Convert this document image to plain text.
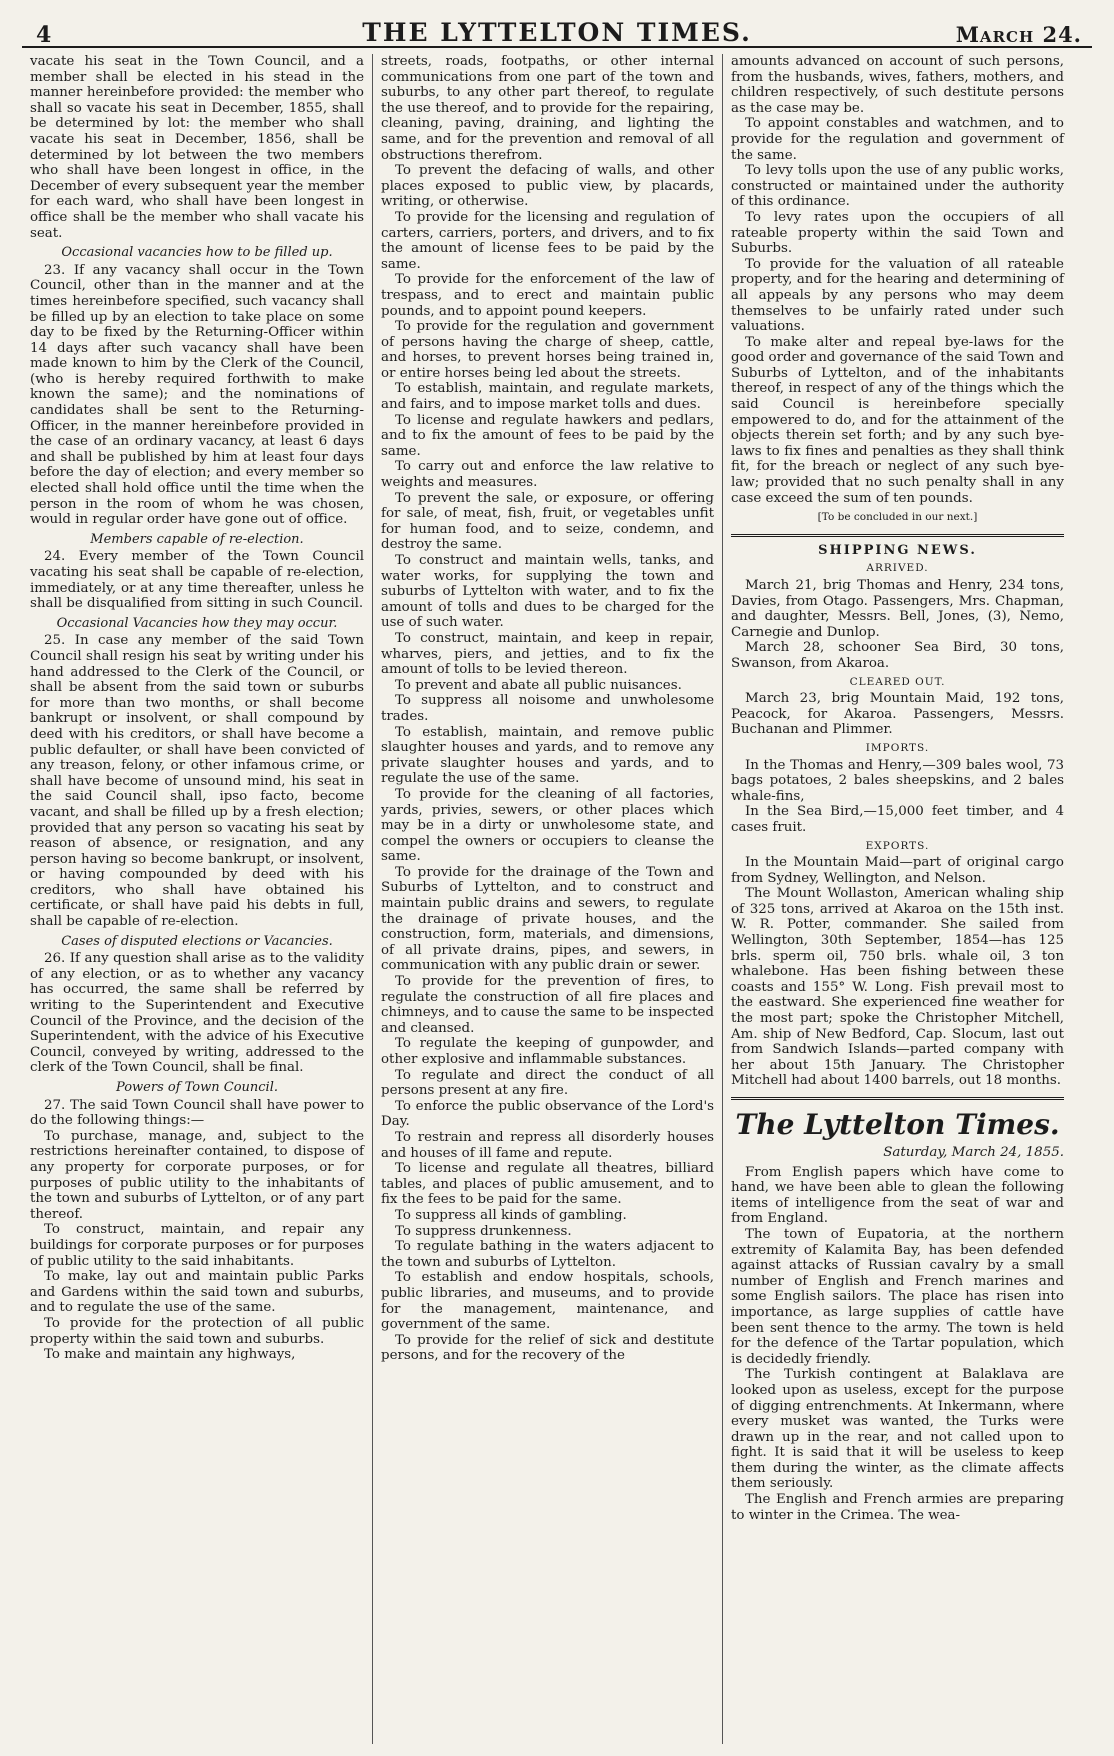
4	THE LYTTELTON TIMES.	March 24.

vacate his seat in the Town Council, and a member shall be elected in his stead in the manner hereinbefore provided: the member who shall so vacate his seat in December, 1855, shall be determined by lot: the member who shall vacate his seat in December, 1856, shall be determined by lot between the two members who shall have been longest in office, in the December of every subsequent year the member for each ward, who shall have been longest in office shall be the member who shall vacate his seat.

Occasional vacancies how to be filled up.

23. If any vacancy shall occur in the Town Council, other than in the manner and at the times hereinbefore specified, such vacancy shall be filled up by an election to take place on some day to be fixed by the Returning-Officer within 14 days after such vacancy shall have been made known to him by the Clerk of the Council, (who is hereby required forthwith to make known the same); and the nominations of candidates shall be sent to the Returning-Officer, in the manner hereinbefore provided in the case of an ordinary vacancy, at least 6 days and shall be published by him at least four days before the day of election; and every member so elected shall hold office until the time when the person in the room of whom he was chosen, would in regular order have gone out of office.

Members capable of re-election.

24. Every member of the Town Council vacating his seat shall be capable of re-election, immediately, or at any time thereafter, unless he shall be disqualified from sitting in such Council.

Occasional Vacancies how they may occur.

25. In case any member of the said Town Council shall resign his seat by writing under his hand addressed to the Clerk of the Council, or shall be absent from the said town or suburbs for more than two months, or shall become bankrupt or insolvent, or shall compound by deed with his creditors, or shall have become a public defaulter, or shall have been convicted of any treason, felony, or other infamous crime, or shall have become of unsound mind, his seat in the said Council shall, ipso facto, become vacant, and shall be filled up by a fresh election; provided that any person so vacating his seat by reason of absence, or resignation, and any person having so become bankrupt, or insolvent, or having compounded by deed with his creditors, who shall have obtained his certificate, or shall have paid his debts in full, shall be capable of re-election.

Cases of disputed elections or Vacancies.

26. If any question shall arise as to the validity of any election, or as to whether any vacancy has occurred, the same shall be referred by writing to the Superintendent and Executive Council of the Province, and the decision of the Superintendent, with the advice of his Executive Council, conveyed by writing, addressed to the clerk of the Town Council, shall be final.

Powers of Town Council.

27. The said Town Council shall have power to do the following things:—

To purchase, manage, and, subject to the restrictions hereinafter contained, to dispose of any property for corporate purposes, or for purposes of public utility to the inhabitants of the town and suburbs of Lyttelton, or of any part thereof.

To construct, maintain, and repair any buildings for corporate purposes or for purposes of public utility to the said inhabitants.

To make, lay out and maintain public Parks and Gardens within the said town and suburbs, and to regulate the use of the same.

To provide for the protection of all public property within the said town and suburbs.

To make and maintain any highways,

streets, roads, footpaths, or other internal communications from one part of the town and suburbs, to any other part thereof, to regulate the use thereof, and to provide for the repairing, cleaning, paving, draining, and lighting the same, and for the prevention and removal of all obstructions therefrom.

To prevent the defacing of walls, and other places exposed to public view, by placards, writing, or otherwise.

To provide for the licensing and regulation of carters, carriers, porters, and drivers, and to fix the amount of license fees to be paid by the same.

To provide for the enforcement of the law of trespass, and to erect and maintain public pounds, and to appoint pound keepers.

To provide for the regulation and government of persons having the charge of sheep, cattle, and horses, to prevent horses being trained in, or entire horses being led about the streets.

To establish, maintain, and regulate markets, and fairs, and to impose market tolls and dues.

To license and regulate hawkers and pedlars, and to fix the amount of fees to be paid by the same.

To carry out and enforce the law relative to weights and measures.

To prevent the sale, or exposure, or offering for sale, of meat, fish, fruit, or vegetables unfit for human food, and to seize, condemn, and destroy the same.

To construct and maintain wells, tanks, and water works, for supplying the town and suburbs of Lyttelton with water, and to fix the amount of tolls and dues to be charged for the use of such water.

To construct, maintain, and keep in repair, wharves, piers, and jetties, and to fix the amount of tolls to be levied thereon.

To prevent and abate all public nuisances.

To suppress all noisome and unwholesome trades.

To establish, maintain, and remove public slaughter houses and yards, and to remove any private slaughter houses and yards, and to regulate the use of the same.

To provide for the cleaning of all factories, yards, privies, sewers, or other places which may be in a dirty or unwholesome state, and compel the owners or occupiers to cleanse the same.

To provide for the drainage of the Town and Suburbs of Lyttelton, and to construct and maintain public drains and sewers, to regulate the drainage of private houses, and the construction, form, materials, and dimensions, of all private drains, pipes, and sewers, in communication with any public drain or sewer.

To provide for the prevention of fires, to regulate the construction of all fire places and chimneys, and to cause the same to be inspected and cleansed.

To regulate the keeping of gunpowder, and other explosive and inflammable substances.

To regulate and direct the conduct of all persons present at any fire.

To enforce the public observance of the Lord's Day.

To restrain and repress all disorderly houses and houses of ill fame and repute.

To license and regulate all theatres, billiard tables, and places of public amusement, and to fix the fees to be paid for the same.

To suppress all kinds of gambling.

To suppress drunkenness.

To regulate bathing in the waters adjacent to the town and suburbs of Lyttelton.

To establish and endow hospitals, schools, public libraries, and museums, and to provide for the management, maintenance, and government of the same.

To provide for the relief of sick and destitute persons, and for the recovery of the

amounts advanced on account of such persons, from the husbands, wives, fathers, mothers, and children respectively, of such destitute persons as the case may be.

To appoint constables and watchmen, and to provide for the regulation and government of the same.

To levy tolls upon the use of any public works, constructed or maintained under the authority of this ordinance.

To levy rates upon the occupiers of all rateable property within the said Town and Suburbs.

To provide for the valuation of all rateable property, and for the hearing and determining of all appeals by any persons who may deem themselves to be unfairly rated under such valuations.

To make alter and repeal bye-laws for the good order and governance of the said Town and Suburbs of Lyttelton, and of the inhabitants thereof, in respect of any of the things which the said Council is hereinbefore specially empowered to do, and for the attainment of the objects therein set forth; and by any such bye-laws to fix fines and penalties as they shall think fit, for the breach or neglect of any such bye-law; provided that no such penalty shall in any case exceed the sum of ten pounds.

[To be concluded in our next.]

SHIPPING NEWS.

ARRIVED.

March 21, brig Thomas and Henry, 234 tons, Davies, from Otago. Passengers, Mrs. Chapman, and daughter, Messrs. Bell, Jones, (3), Nemo, Carnegie and Dunlop.

March 28, schooner Sea Bird, 30 tons, Swanson, from Akaroa.

CLEARED OUT.

March 23, brig Mountain Maid, 192 tons, Peacock, for Akaroa. Passengers, Messrs. Buchanan and Plimmer.

IMPORTS.

In the Thomas and Henry,—309 bales wool, 73 bags potatoes, 2 bales sheepskins, and 2 bales whale-fins,

In the Sea Bird,—15,000 feet timber, and 4 cases fruit.

EXPORTS.

In the Mountain Maid—part of original cargo from Sydney, Wellington, and Nelson.

The Mount Wollaston, American whaling ship of 325 tons, arrived at Akaroa on the 15th inst. W. R. Potter, commander. She sailed from Wellington, 30th September, 1854—has 125 brls. sperm oil, 750 brls. whale oil, 3 ton whalebone. Has been fishing between these coasts and 155° W. Long. Fish prevail most to the eastward. She experienced fine weather for the most part; spoke the Christopher Mitchell, Am. ship of New Bedford, Cap. Slocum, last out from Sandwich Islands—parted company with her about 15th January. The Christopher Mitchell had about 1400 barrels, out 18 months.

The Lyttelton Times.

Saturday, March 24, 1855.

From English papers which have come to hand, we have been able to glean the following items of intelligence from the seat of war and from England.

The town of Eupatoria, at the northern extremity of Kalamita Bay, has been defended against attacks of Russian cavalry by a small number of English and French marines and some English sailors. The place has risen into importance, as large supplies of cattle have been sent thence to the army. The town is held for the defence of the Tartar population, which is decidedly friendly.

The Turkish contingent at Balaklava are looked upon as useless, except for the purpose of digging entrenchments. At Inkermann, where every musket was wanted, the Turks were drawn up in the rear, and not called upon to fight. It is said that it will be useless to keep them during the winter, as the climate affects them seriously.

The English and French armies are preparing to winter in the Crimea. The wea-
